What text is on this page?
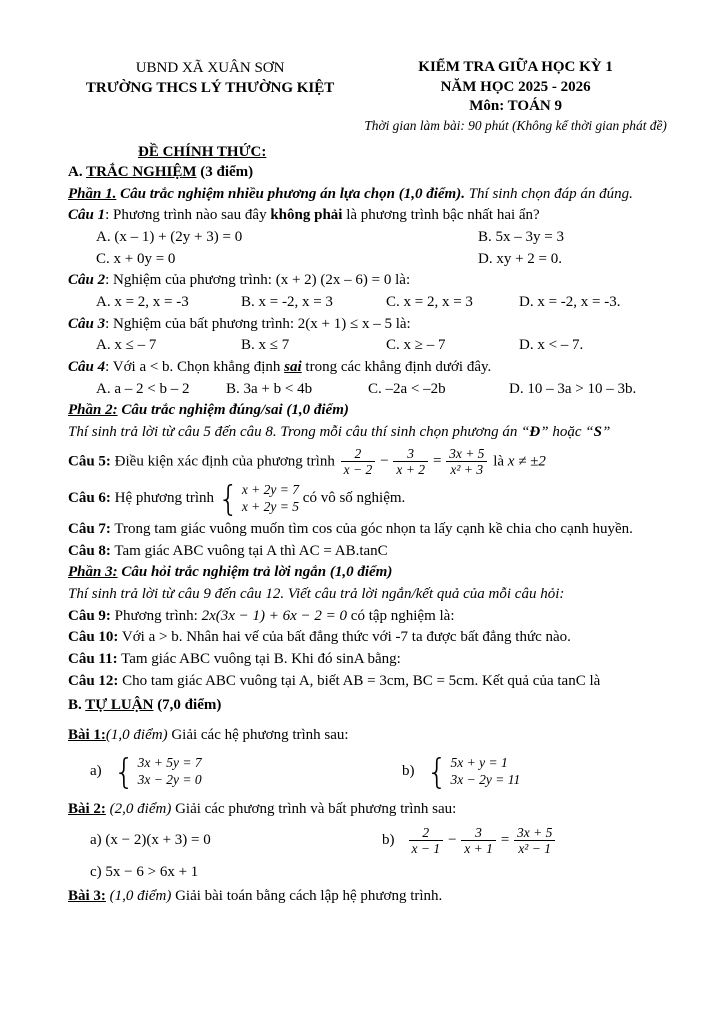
UBND XÃ XUÂN SƠN
TRƯỜNG THCS LÝ THƯỜNG KIỆT
KIỂM TRA GIỮA HỌC KỲ 1
NĂM HỌC 2025 - 2026
Môn: TOÁN 9
Thời gian làm bài: 90 phút (Không kể thời gian phát đề)

ĐỀ CHÍNH THỨC:

A. TRẮC NGHIỆM (3 điểm)

Phần 1. Câu trắc nghiệm nhiều phương án lựa chọn (1,0 điểm). Thí sinh chọn đáp án đúng.

Câu 1: Phương trình nào sau đây không phải là phương trình bậc nhất hai ẩn?

A. (x – 1) + (2y + 3) = 0	B. 5x – 3y = 3
C. x + 0y = 0	D. xy + 2 = 0.

Câu 2: Nghiệm của phương trình: (x + 2) (2x – 6) = 0 là:

A. x = 2, x = -3	B. x = -2, x = 3	C. x = 2, x = 3	D. x = -2, x = -3.

Câu 3: Nghiệm của bất phương trình: 2(x + 1) ≤ x – 5 là:

A. x ≤ – 7	B. x ≤ 7	C. x ≥ – 7	D. x < – 7.

Câu 4: Với a < b. Chọn khẳng định sai trong các khẳng định dưới đây.

A. a – 2 < b – 2	B. 3a + b < 4b	C. –2a < –2b	D. 10 – 3a > 10 – 3b.

Phần 2: Câu trắc nghiệm đúng/sai (1,0 điểm)

Thí sinh trả lời từ câu 5 đến câu 8. Trong mỗi câu thí sinh chọn phương án “Đ” hoặc “S”

Câu 5: Điều kiện xác định của phương trình $\frac{2}{x - 2} - \frac{3}{x + 2} = \frac{3x + 5}{\text{x² + 3}}$ là x ≠ ±2

Câu 6: Hệ phương trình { x + 2y = 7
x + 2y = 5
có vô số nghiệm.

Câu 7: Trong tam giác vuông muốn tìm cos của góc nhọn ta lấy cạnh kề chia cho cạnh huyền.

Câu 8: Tam giác ABC vuông tại A thì AC = AB.tanC

Phần 3: Câu hỏi trắc nghiệm trả lời ngắn (1,0 điểm)

Thí sinh trả lời từ câu 9 đến câu 12. Viết câu trả lời ngắn/kết quả của mỗi câu hỏi:

Câu 9: Phương trình: 2x(3x − 1) + 6x − 2 = 0 có tập nghiệm là:

Câu 10: Với a > b. Nhân hai vế của bất đẳng thức với -7 ta được bất đẳng thức nào.

Câu 11: Tam giác ABC vuông tại B. Khi đó sinA bằng:

Câu 12: Cho tam giác ABC vuông tại A, biết AB = 3cm, BC = 5cm. Kết quả của tanC là

B. TỰ LUẬN (7,0 điểm)

Bài 1:(1,0 điểm) Giải các hệ phương trình sau:

a) { 3x + 5y = 7
3x − 2y = 0
b) { 5x + y = 1
3x − 2y = 11

Bài 2: (2,0 điểm) Giải các phương trình và bất phương trình sau:

a) (x − 2)(x + 3) = 0	$b) \frac{2}{x - 1} - \frac{3}{x + 1} = \frac{3x + 5}{\text{x² − 1}}$

c) 5x − 6 > 6x + 1

Bài 3: (1,0 điểm) Giải bài toán bằng cách lập hệ phương trình.
